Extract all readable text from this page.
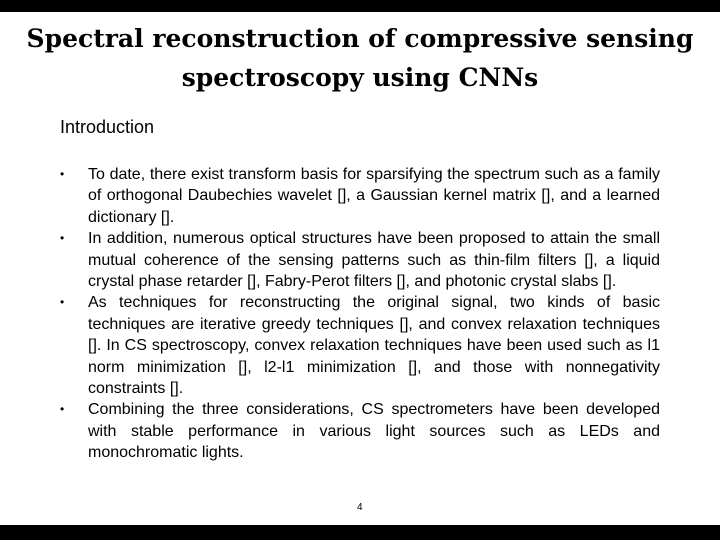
Spectral reconstruction of compressive sensing spectroscopy using CNNs
Introduction
• To date, there exist transform basis for sparsifying the spectrum such as a family of orthogonal Daubechies wavelet [], a Gaussian kernel matrix [], and a learned dictionary [].
• In addition, numerous optical structures have been proposed to attain the small mutual coherence of the sensing patterns such as thin-film filters [], a liquid crystal phase retarder [], Fabry-Perot filters [], and photonic crystal slabs [].
• As techniques for reconstructing the original signal, two kinds of basic techniques are iterative greedy techniques [], and convex relaxation techniques []. In CS spectroscopy, convex relaxation techniques have been used such as l1 norm minimization [], l2-l1 minimization [], and those with nonnegativity constraints [].
• Combining the three considerations, CS spectrometers have been developed with stable performance in various light sources such as LEDs and monochromatic lights.
4
